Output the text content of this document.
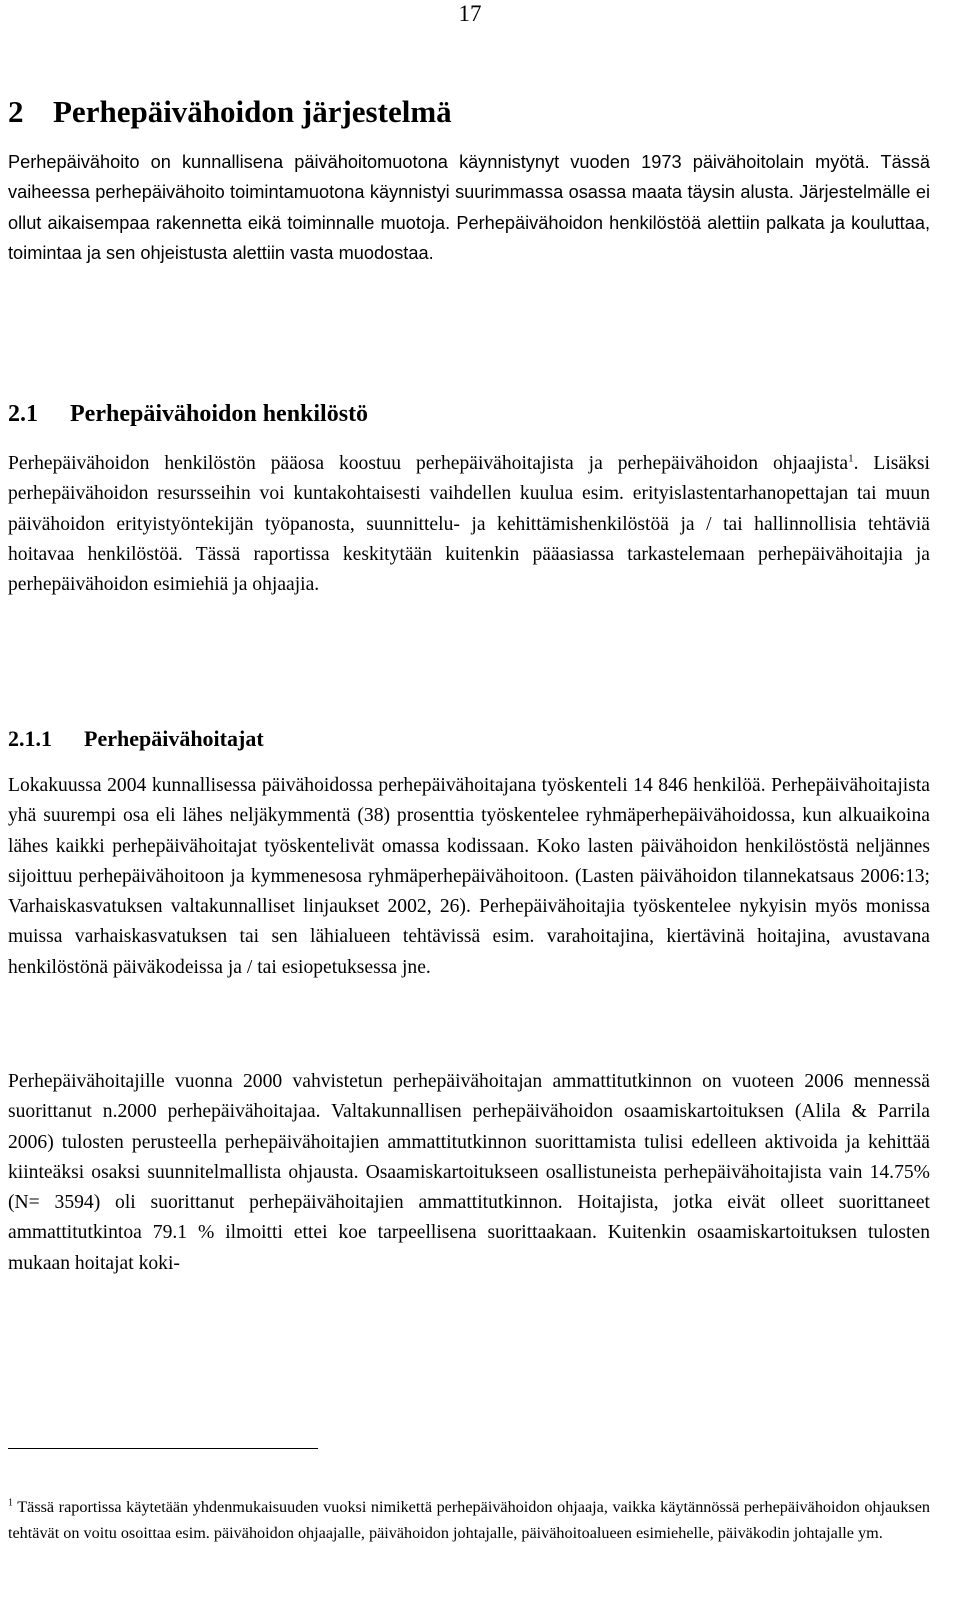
17
2 Perhepäivähoidon järjestelmä

Perhepäivähoito on kunnallisena päivähoitomuotona käynnistynyt vuoden 1973 päivähoitolain myötä. Tässä vaiheessa perhepäivähoito toimintamuotona käynnistyi suurimmassa osassa maata täysin alusta. Järjestelmälle ei ollut aikaisempaa rakennetta eikä toiminnalle muotoja. Perhepäivähoidon henkilöstöä alettiin palkata ja kouluttaa, toimintaa ja sen ohjeistusta alettiin vasta muodostaa.

2.1 Perhepäivähoidon henkilöstö

Perhepäivähoidon henkilöstön pääosa koostuu perhepäivähoitajista ja perhepäivähoidon ohjaajista$^1$. Lisäksi perhepäivähoidon resursseihin voi kuntakohtaisesti vaihdellen kuulua esim. erityislastentarhanopettajan tai muun päivähoidon erityistyöntekijän työpanosta, suunnittelu- ja kehittämishenkilöstöä ja / tai hallinnollisia tehtäviä hoitavaa henkilöstöä. Tässä raportissa keskitytään kuitenkin pääasiassa tarkastelemaan perhepäivähoitajia ja perhepäivähoidon esimiehiä ja ohjaajia.

2.1.1 Perhepäivähoitajat

Lokakuussa 2004 kunnallisessa päivähoidossa perhepäivähoitajana työskenteli 14 846 henkilöä. Perhepäivähoitajista yhä suurempi osa eli lähes neljäkymmentä (38) prosenttia työskentelee ryhmäperhepäivähoidossa, kun alkuaikoina lähes kaikki perhepäivähoitajat työskentelivät omassa kodissaan. Koko lasten päivähoidon henkilöstöstä neljännes sijoittuu perhepäivähoitoon ja kymmenesosa ryhmäperhepäivähoitoon. (Lasten päivähoidon tilannekatsaus 2006:13; Varhaiskasvatuksen valtakunnalliset linjaukset 2002, 26). Perhepäivähoitajia työskentelee nykyisin myös monissa muissa varhaiskasvatuksen tai sen lähialueen tehtävissä esim. varahoitajina, kiertävinä hoitajina, avustavana henkilöstönä päiväkodeissa ja / tai esiopetuksessa jne.

Perhepäivähoitajille vuonna 2000 vahvistetun perhepäivähoitajan ammattitutkinnon on vuoteen 2006 mennessä suorittanut n.2000 perhepäivähoitajaa. Valtakunnallisen perhepäivähoidon osaamiskartoituksen (Alila & Parrila 2006) tulosten perusteella perhepäivähoitajien ammattitutkinnon suorittamista tulisi edelleen aktivoida ja kehittää kiinteäksi osaksi suunnitelmallista ohjausta. Osaamiskartoitukseen osallistuneista perhepäivähoitajista vain 14.75% (N= 3594) oli suorittanut perhepäivähoitajien ammattitutkinnon. Hoitajista, jotka eivät olleet suorittaneet ammattitutkintoa 79.1 % ilmoitti ettei koe tarpeellisena suorittaakaan. Kuitenkin osaamiskartoituksen tulosten mukaan hoitajat koki-

$^1$ Tässä raportissa käytetään yhdenmukaisuuden vuoksi nimikettä perhepäivähoidon ohjaaja, vaikka käytännössä perhepäivähoidon ohjauksen tehtävät on voitu osoittaa esim. päivähoidon ohjaajalle, päivähoidon johtajalle, päivähoitoalueen esimiehelle, päiväkodin johtajalle ym.
